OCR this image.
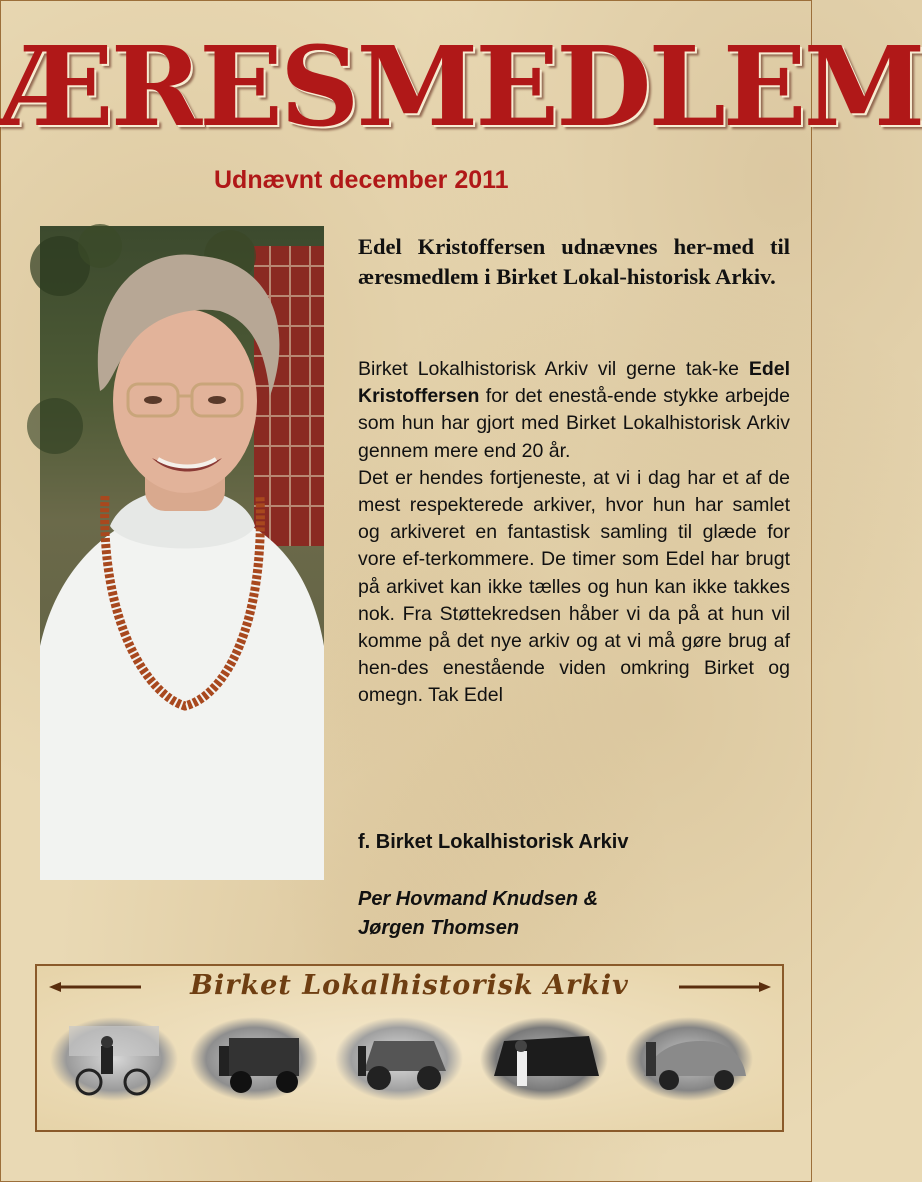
ÆRESMEDLEM
Udnævnt december 2011
Edel Kristoffersen udnævnes her-med til æresmedlem i Birket Lokal-historisk Arkiv.
Birket Lokalhistorisk Arkiv vil gerne tak-ke Edel Kristoffersen for det enestå-ende stykke arbejde som hun har gjort med Birket Lokalhistorisk Arkiv gennem mere end 20 år.
Det er hendes fortjeneste, at vi i dag har et af de mest respekterede arkiver, hvor hun har samlet og arkiveret en fantastisk samling til glæde for vore ef-terkommere. De timer som Edel har brugt på arkivet kan ikke tælles og hun kan ikke takkes nok. Fra Støttekredsen håber vi da på at hun vil komme på det nye arkiv og at vi må gøre brug af hen-des enestående viden omkring Birket og omegn. Tak Edel
f. Birket Lokalhistorisk Arkiv
Per Hovmand Knudsen &
Jørgen Thomsen
Birket Lokalhistorisk Arkiv
